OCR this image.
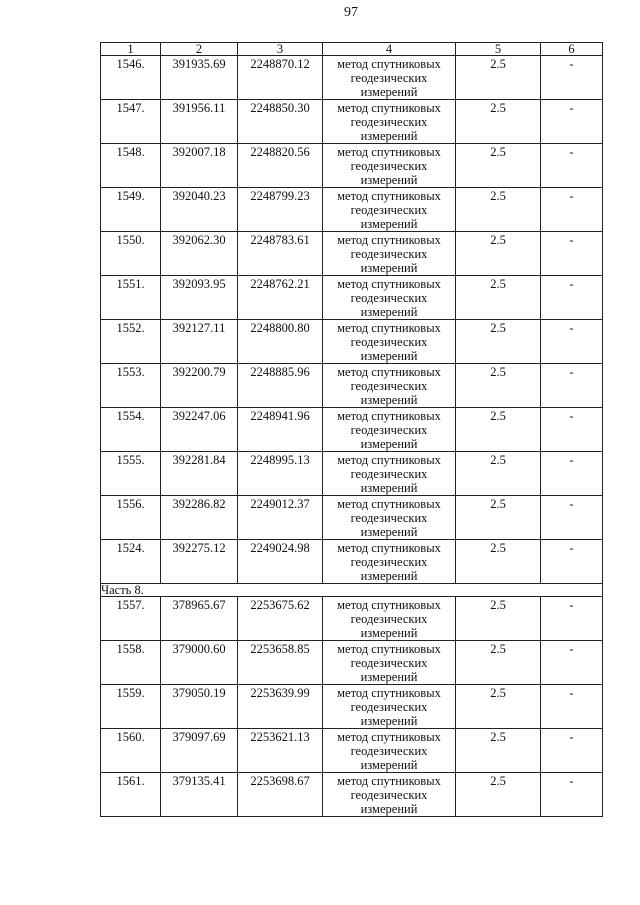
97
1	2	3	4	5	6
1546.	391935.69	2248870.12	метод спутниковых геодезических измерений	2.5	-
1547.	391956.11	2248850.30	метод спутниковых геодезических измерений	2.5	-
1548.	392007.18	2248820.56	метод спутниковых геодезических измерений	2.5	-
1549.	392040.23	2248799.23	метод спутниковых геодезических измерений	2.5	-
1550.	392062.30	2248783.61	метод спутниковых геодезических измерений	2.5	-
1551.	392093.95	2248762.21	метод спутниковых геодезических измерений	2.5	-
1552.	392127.11	2248800.80	метод спутниковых геодезических измерений	2.5	-
1553.	392200.79	2248885.96	метод спутниковых геодезических измерений	2.5	-
1554.	392247.06	2248941.96	метод спутниковых геодезических измерений	2.5	-
1555.	392281.84	2248995.13	метод спутниковых геодезических измерений	2.5	-
1556.	392286.82	2249012.37	метод спутниковых геодезических измерений	2.5	-
1524.	392275.12	2249024.98	метод спутниковых геодезических измерений	2.5	-
Часть 8.					
1557.	378965.67	2253675.62	метод спутниковых геодезических измерений	2.5	-
1558.	379000.60	2253658.85	метод спутниковых геодезических измерений	2.5	-
1559.	379050.19	2253639.99	метод спутниковых геодезических измерений	2.5	-
1560.	379097.69	2253621.13	метод спутниковых геодезических измерений	2.5	-
1561.	379135.41	2253698.67	метод спутниковых геодезических измерений	2.5	-
